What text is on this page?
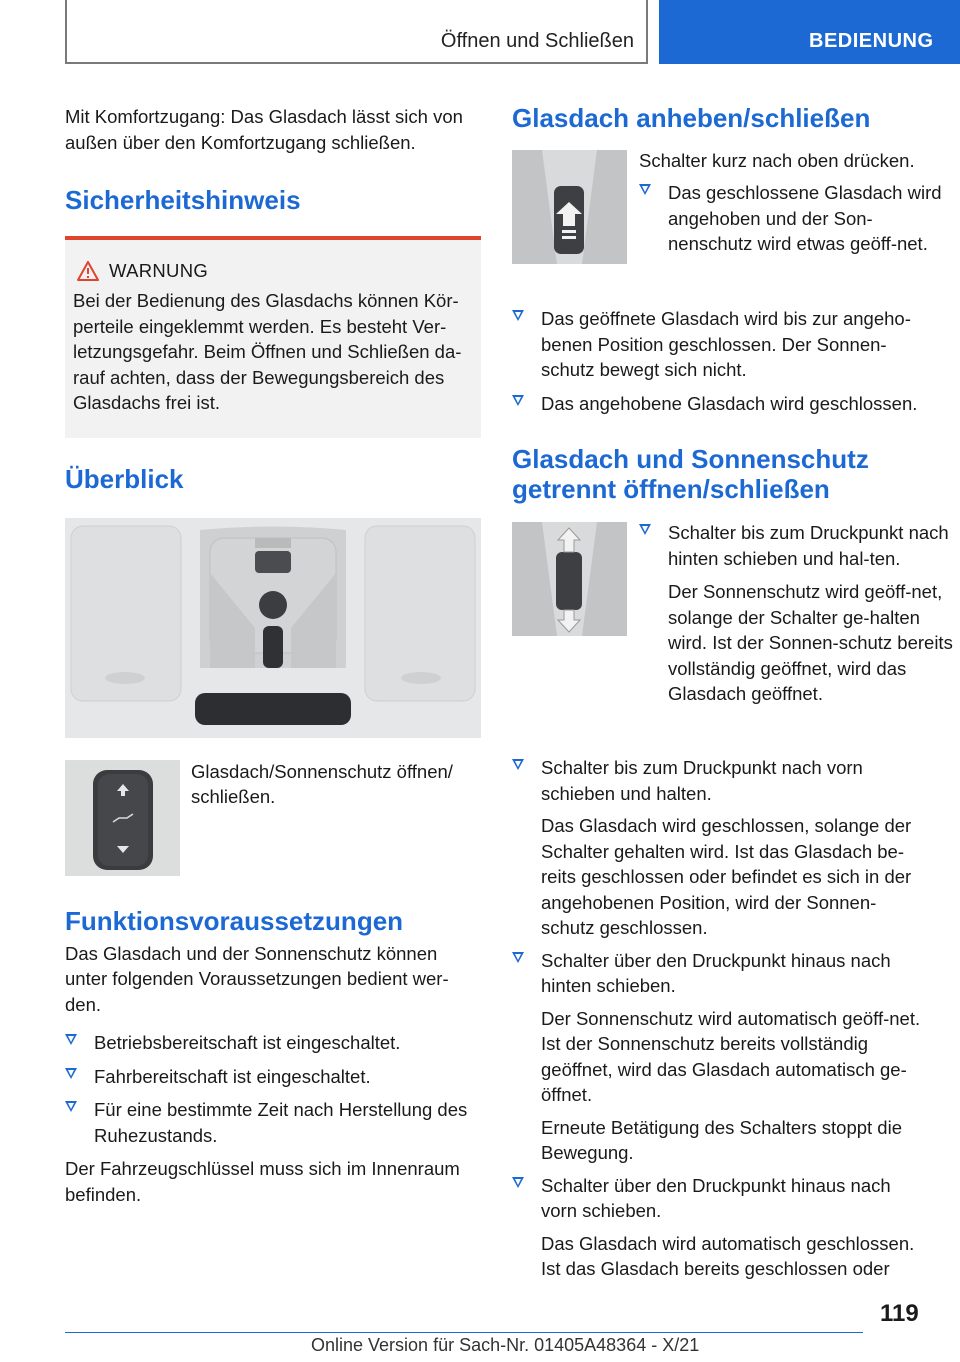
Öffnen und Schließen	BEDIENUNG

Mit Komfortzugang: Das Glasdach lässt sich von außen über den Komfortzugang schließen.

Sicherheitshinweis
WARNUNG

Bei der Bedienung des Glasdachs können Kör-perteile eingeklemmt werden. Es besteht Ver-letzungsgefahr. Beim Öffnen und Schließen da-rauf achten, dass der Bewegungsbereich des Glasdachs frei ist.

Überblick

Glasdach/Sonnenschutz öffnen/ schließen.

Funktionsvoraussetzungen

Das Glasdach und der Sonnenschutz können unter folgenden Voraussetzungen bedient wer-den.

Betriebsbereitschaft ist eingeschaltet.
Fahrbereitschaft ist eingeschaltet.
Für eine bestimmte Zeit nach Herstellung des Ruhezustands.

Der Fahrzeugschlüssel muss sich im Innenraum befinden.

Glasdach anheben/schließen

Schalter kurz nach oben drücken.

Das geschlossene Glasdach wird angehoben und der Son-nenschutz wird etwas geöff-net.
Das geöffnete Glasdach wird bis zur angeho-benen Position geschlossen. Der Sonnen-schutz bewegt sich nicht.
Das angehobene Glasdach wird geschlossen.
Glasdach und Sonnenschutz
getrennt öffnen/schließen
Schalter bis zum Druckpunkt nach hinten schieben und hal-ten.

Der Sonnenschutz wird geöff-net, solange der Schalter ge-halten wird. Ist der Sonnen-schutz bereits vollständig geöffnet, wird das Glasdach geöffnet.

Schalter bis zum Druckpunkt nach vorn schieben und halten.

Das Glasdach wird geschlossen, solange der Schalter gehalten wird. Ist das Glasdach be-reits geschlossen oder befindet es sich in der angehobenen Position, wird der Sonnen-schutz geschlossen.

Schalter über den Druckpunkt hinaus nach hinten schieben.

Der Sonnenschutz wird automatisch geöff-net. Ist der Sonnenschutz bereits vollständig geöffnet, wird das Glasdach automatisch ge-öffnet.

Erneute Betätigung des Schalters stoppt die Bewegung.

Schalter über den Druckpunkt hinaus nach vorn schieben.

Das Glasdach wird automatisch geschlossen. Ist das Glasdach bereits geschlossen oder

119
Online Version für Sach-Nr. 01405A48364 - X/21
